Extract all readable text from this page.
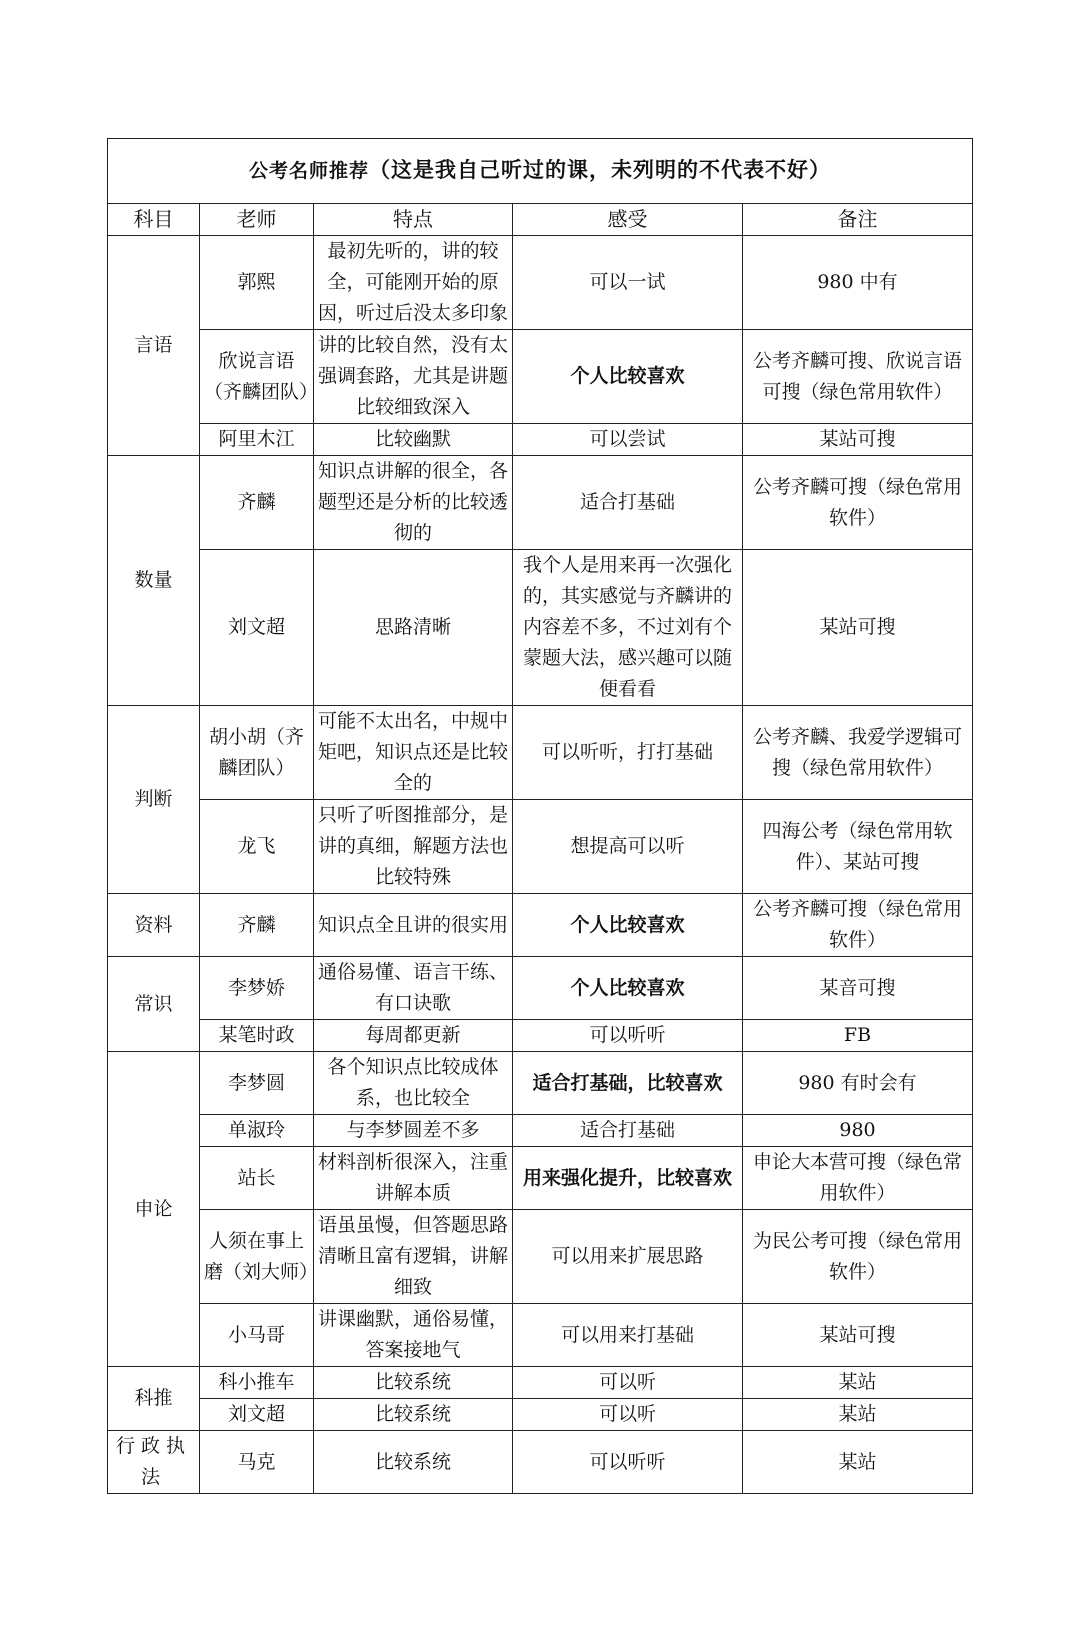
公考名师推荐（这是我自己听过的课，未列明的不代表不好）				
科目	老师	特点	感受	备注
言语	郭熙	最初先听的，讲的较全，可能刚开始的原因，听过后没太多印象	可以一试	980 中有
	欣说言语（齐麟团队）	讲的比较自然，没有太强调套路，尤其是讲题比较细致深入	个人比较喜欢	公考齐麟可搜、欣说言语可搜（绿色常用软件）
	阿里木江	比较幽默	可以尝试	某站可搜
数量	齐麟	知识点讲解的很全，各题型还是分析的比较透彻的	适合打基础	公考齐麟可搜（绿色常用软件）
	刘文超	思路清晰	我个人是用来再一次强化的，其实感觉与齐麟讲的内容差不多，不过刘有个蒙题大法，感兴趣可以随便看看	某站可搜
判断	胡小胡（齐麟团队）	可能不太出名，中规中矩吧，知识点还是比较全的	可以听听，打打基础	公考齐麟、我爱学逻辑可搜（绿色常用软件）
	龙飞	只听了听图推部分，是讲的真细，解题方法也比较特殊	想提高可以听	四海公考（绿色常用软件）、某站可搜
资料	齐麟	知识点全且讲的很实用	个人比较喜欢	公考齐麟可搜（绿色常用软件）
常识	李梦娇	通俗易懂、语言干练、有口诀歌	个人比较喜欢	某音可搜
	某笔时政	每周都更新	可以听听	FB
申论	李梦圆	各个知识点比较成体系，也比较全	适合打基础，比较喜欢	980 有时会有
	单淑玲	与李梦圆差不多	适合打基础	980
	站长	材料剖析很深入，注重讲解本质	用来强化提升，比较喜欢	申论大本营可搜（绿色常用软件）
	人须在事上磨（刘大师）	语虽虽慢，但答题思路清晰且富有逻辑，讲解细致	可以用来扩展思路	为民公考可搜（绿色常用软件）
	小马哥	讲课幽默，通俗易懂，答案接地气	可以用来打基础	某站可搜
科推	科小推车	比较系统	可以听	某站
	刘文超	比较系统	可以听	某站
行政执法	马克	比较系统	可以听听	某站
